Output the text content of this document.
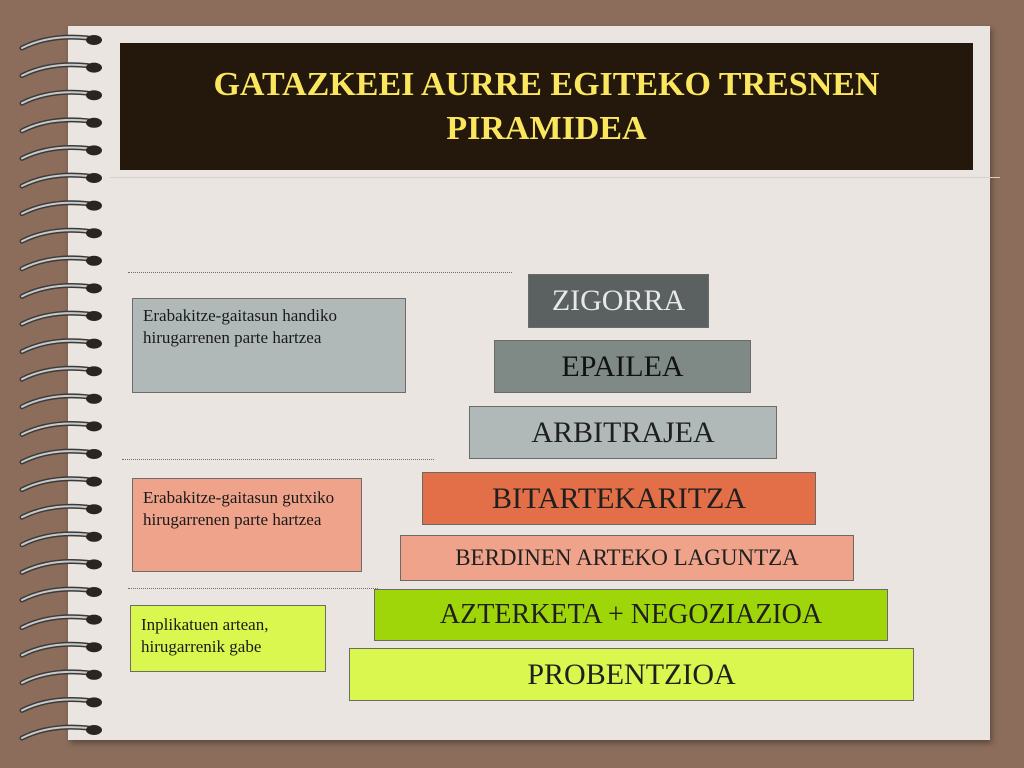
GATAZKEEI AURRE EGITEKO TRESNEN PIRAMIDEA
Erabakitze-gaitasun handiko hirugarrenen parte hartzea
Erabakitze-gaitasun gutxiko hirugarrenen parte hartzea
Inplikatuen artean, hirugarrenik gabe
ZIGORRA
EPAILEA
ARBITRAJEA
BITARTEKARITZA
BERDINEN ARTEKO LAGUNTZA
AZTERKETA + NEGOZIAZIOA
PROBENTZIOA
